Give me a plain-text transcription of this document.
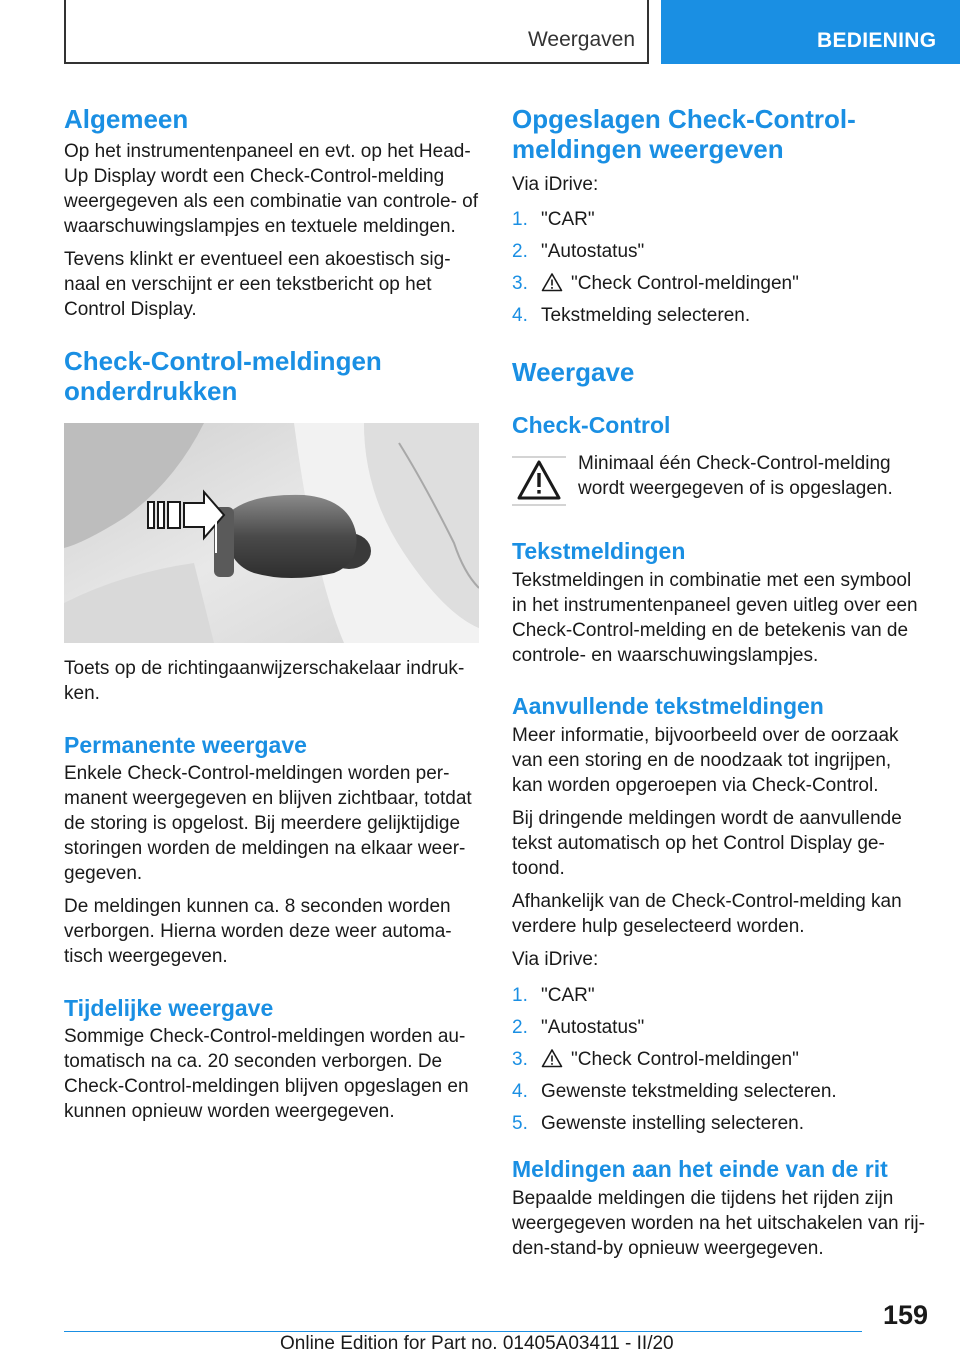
Weergaven	BEDIENING
Algemeen

Op het instrumentenpaneel en evt. op het Head-Up Display wordt een Check-Control-melding weergegeven als een combinatie van controle- of waarschuwingslampjes en textuele meldingen.

Tevens klinkt er eventueel een akoestisch signaal en verschijnt er een tekstbericht op het Control Display.

Check-Control-meldingen onderdrukken

Toets op de richtingaanwijzerschakelaar indrukken.

Permanente weergave

Enkele Check-Control-meldingen worden permanent weergegeven en blijven zichtbaar, totdat de storing is opgelost. Bij meerdere gelijktijdige storingen worden de meldingen na elkaar weergegeven.

De meldingen kunnen ca. 8 seconden worden verborgen. Hierna worden deze weer automatisch weergegeven.

Tijdelijke weergave

Sommige Check-Control-meldingen worden automatisch na ca. 20 seconden verborgen. De Check-Control-meldingen blijven opgeslagen en kunnen opnieuw worden weergegeven.

Opgeslagen Check-Control-meldingen weergeven

Via iDrive:

1. "CAR"
2. "Autostatus"
3. "Check Control-meldingen"
4. Tekstmelding selecteren.
Weergave
Check-Control

Minimaal één Check-Control-melding wordt weergegeven of is opgeslagen.

Tekstmeldingen

Tekstmeldingen in combinatie met een symbool in het instrumentenpaneel geven uitleg over een Check-Control-melding en de betekenis van de controle- en waarschuwingslampjes.

Aanvullende tekstmeldingen

Meer informatie, bijvoorbeeld over de oorzaak van een storing en de noodzaak tot ingrijpen, kan worden opgeroepen via Check-Control.

Bij dringende meldingen wordt de aanvullende tekst automatisch op het Control Display getoond.

Afhankelijk van de Check-Control-melding kan verdere hulp geselecteerd worden.

Via iDrive:

1. "CAR"
2. "Autostatus"
3. "Check Control-meldingen"
4. Gewenste tekstmelding selecteren.
5. Gewenste instelling selecteren.
Meldingen aan het einde van de rit

Bepaalde meldingen die tijdens het rijden zijn weergegeven worden na het uitschakelen van rijden-stand-by opnieuw weergegeven.

159
Online Edition for Part no. 01405A03411 - II/20
